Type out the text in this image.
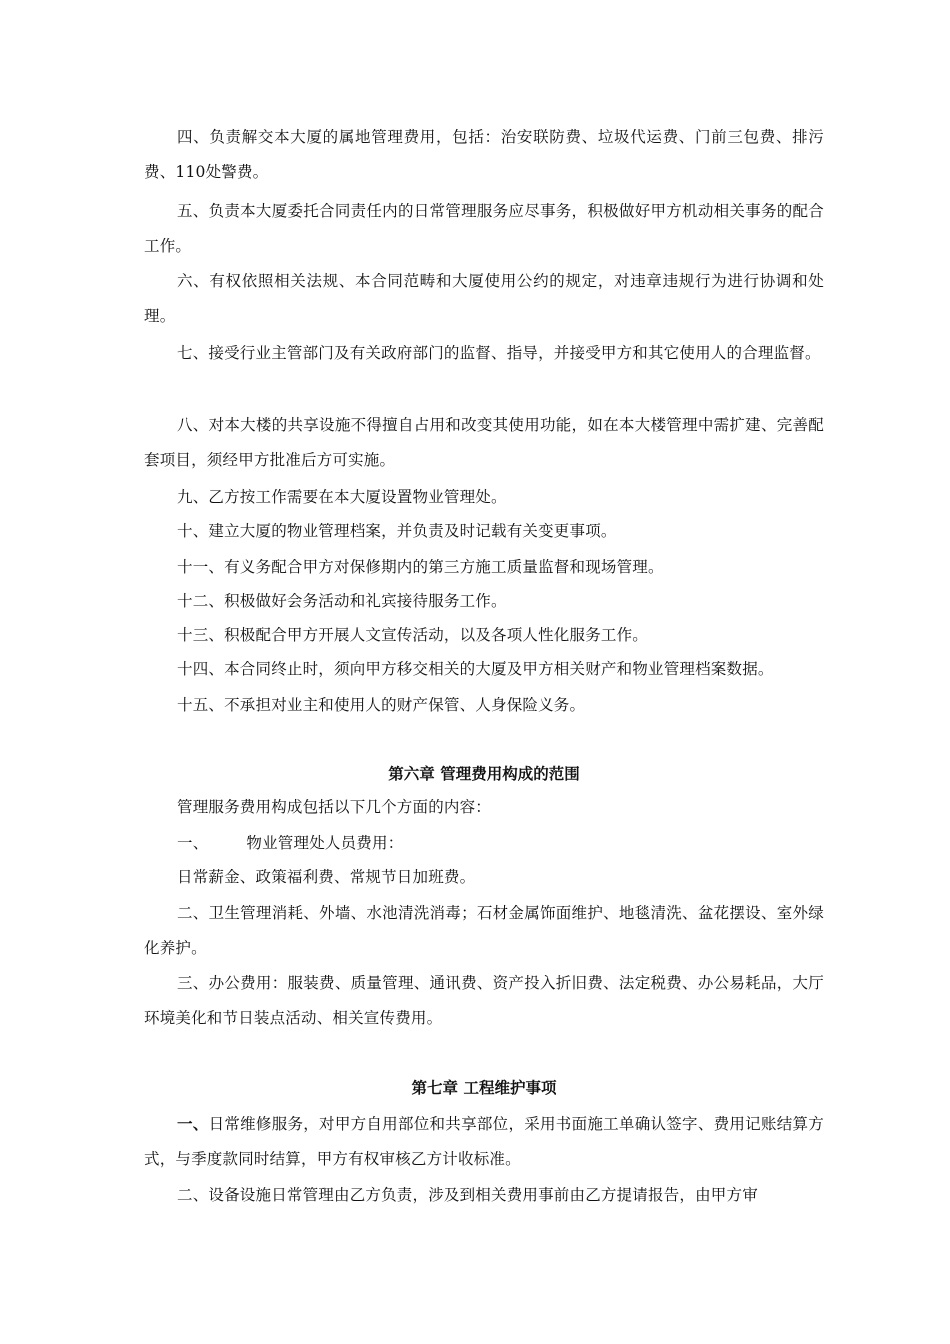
四、负责解交本大厦的属地管理费用，包括：治安联防费、垃圾代运费、门前三包费、排污费、110处警费。

五、负责本大厦委托合同责任内的日常管理服务应尽事务，积极做好甲方机动相关事务的配合工作。

六、有权依照相关法规、本合同范畴和大厦使用公约的规定，对违章违规行为进行协调和处理。

七、接受行业主管部门及有关政府部门的监督、指导，并接受甲方和其它使用人的合理监督。

八、对本大楼的共享设施不得擅自占用和改变其使用功能，如在本大楼管理中需扩建、完善配套项目，须经甲方批准后方可实施。

九、乙方按工作需要在本大厦设置物业管理处。

十、建立大厦的物业管理档案，并负责及时记载有关变更事项。

十一、有义务配合甲方对保修期内的第三方施工质量监督和现场管理。

十二、积极做好会务活动和礼宾接待服务工作。

十三、积极配合甲方开展人文宣传活动，以及各项人性化服务工作。

十四、本合同终止时，须向甲方移交相关的大厦及甲方相关财产和物业管理档案数据。

十五、不承担对业主和使用人的财产保管、人身保险义务。

第六章 管理费用构成的范围

管理服务费用构成包括以下几个方面的内容：

一、 物业管理处人员费用：

日常薪金、政策福利费、常规节日加班费。

二、卫生管理消耗、外墙、水池清洗消毒；石材金属饰面维护、地毯清洗、盆花摆设、室外绿化养护。

三、办公费用：服装费、质量管理、通讯费、资产投入折旧费、法定税费、办公易耗品，大厅环境美化和节日装点活动、相关宣传费用。

第七章 工程维护事项

一、日常维修服务，对甲方自用部位和共享部位，采用书面施工单确认签字、费用记账结算方式，与季度款同时结算，甲方有权审核乙方计收标准。

二、设备设施日常管理由乙方负责，涉及到相关费用事前由乙方提请报告，由甲方审
